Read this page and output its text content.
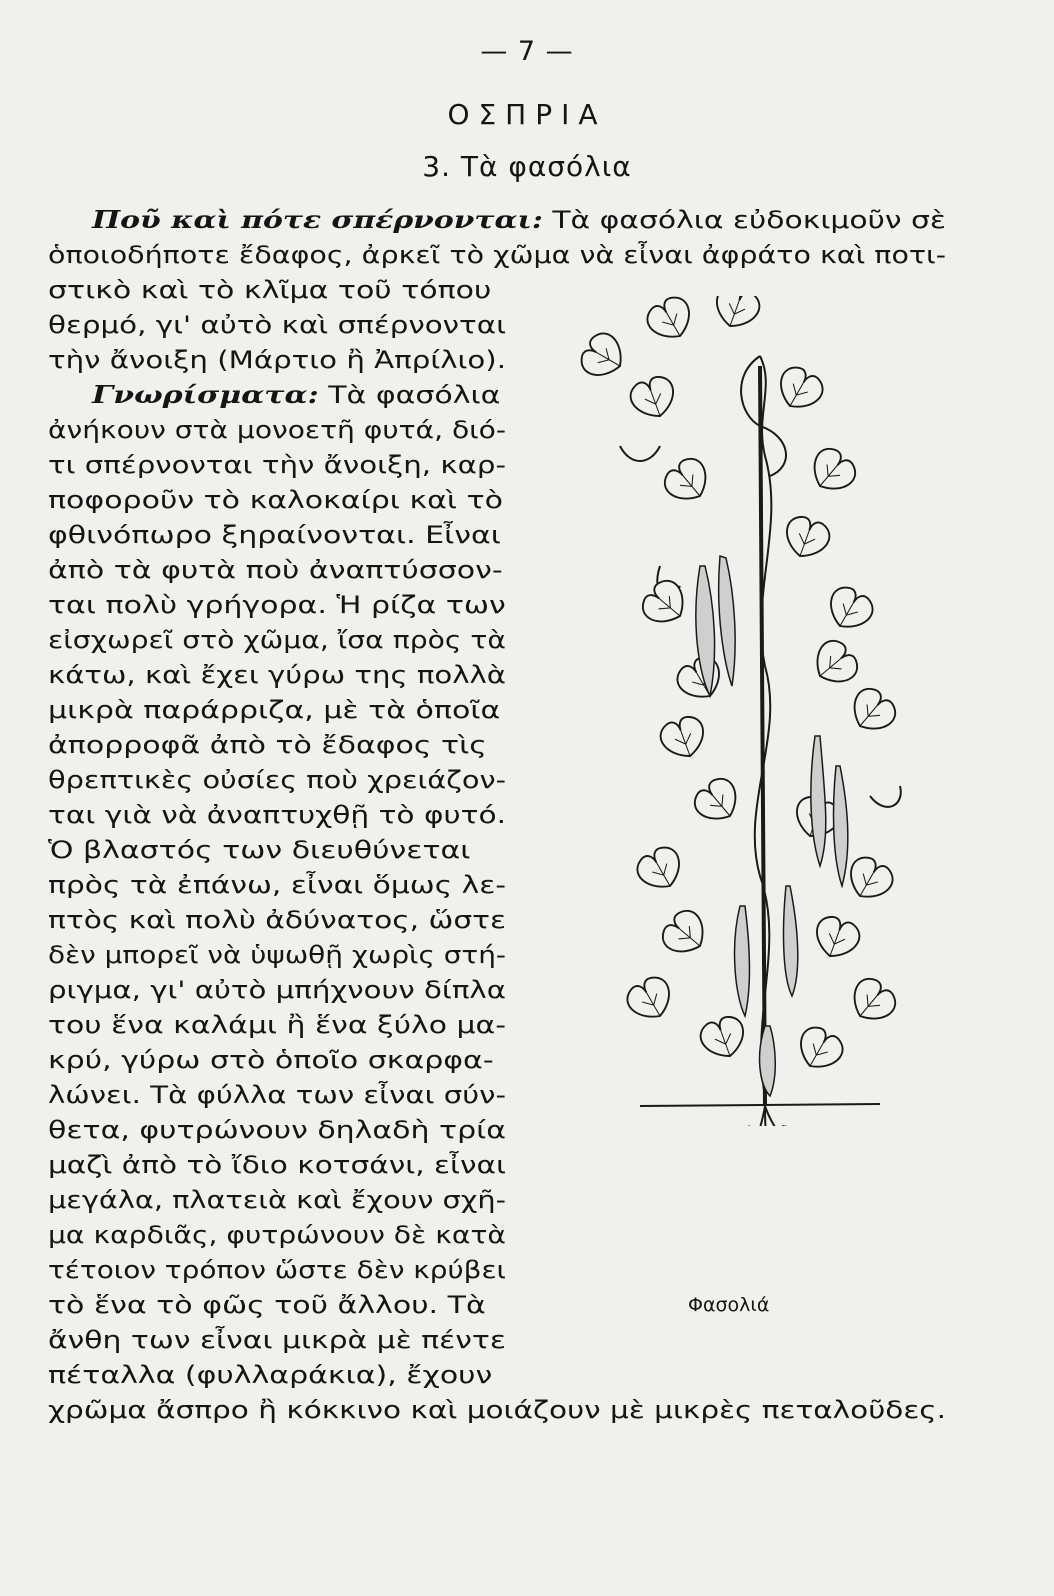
— 7 —
ΟΣΠΡΙΑ
3. Τὰ φασόλια
Ποῦ καὶ πότε σπέρνονται: Τὰ φασόλια εὐδοκιμοῦν σὲ
ὁποιοδήποτε ἔδαφος, ἀρκεῖ τὸ χῶμα νὰ εἶναι ἀφράτο καὶ ποτι-
στικὸ καὶ τὸ κλῖμα τοῦ τόπου
θερμό, γι' αὐτὸ καὶ σπέρνονται
τὴν ἄνοιξη (Μάρτιο ἢ Ἀπρίλιο).
Γνωρίσματα: Τὰ φασόλια
ἀνήκουν στὰ μονοετῆ φυτά, διό-
τι σπέρνονται τὴν ἄνοιξη, καρ-
ποφοροῦν τὸ καλοκαίρι καὶ τὸ
φθινόπωρο ξηραίνονται. Εἶναι
ἀπὸ τὰ φυτὰ ποὺ ἀναπτύσσον-
ται πολὺ γρήγορα. Ἡ ρίζα των
εἰσχωρεῖ στὸ χῶμα, ἴσα πρὸς τὰ
κάτω, καὶ ἔχει γύρω της πολλὰ
μικρὰ παράρριζα, μὲ τὰ ὁποῖα
ἀπορροφᾶ ἀπὸ τὸ ἔδαφος τὶς
θρεπτικὲς οὐσίες ποὺ χρειάζον-
ται γιὰ νὰ ἀναπτυχθῇ τὸ φυτό.
Ὁ βλαστός των διευθύνεται
πρὸς τὰ ἐπάνω, εἶναι ὅμως λε-
πτὸς καὶ πολὺ ἀδύνατος, ὥστε
δὲν μπορεῖ νὰ ὑψωθῇ χωρὶς στή-
ριγμα, γι' αὐτὸ μπήχνουν δίπλα
του ἕνα καλάμι ἢ ἕνα ξύλο μα-
κρύ, γύρω στὸ ὁποῖο σκαρφα-
λώνει. Τὰ φύλλα των εἶναι σύν-
θετα, φυτρώνουν δηλαδὴ τρία
μαζὶ ἀπὸ τὸ ἴδιο κοτσάνι, εἶναι
μεγάλα, πλατειὰ καὶ ἔχουν σχῆ-
μα καρδιᾶς, φυτρώνουν δὲ κατὰ
τέτοιον τρόπον ὥστε δὲν κρύβει
τὸ ἕνα τὸ φῶς τοῦ ἄλλου. Τὰ
ἄνθη των εἶναι μικρὰ μὲ πέντε
πέταλλα (φυλλαράκια), ἔχουν
χρῶμα ἄσπρο ἢ κόκκινο καὶ μοιάζουν μὲ μικρὲς πεταλοῦδες.
Φασολιά
